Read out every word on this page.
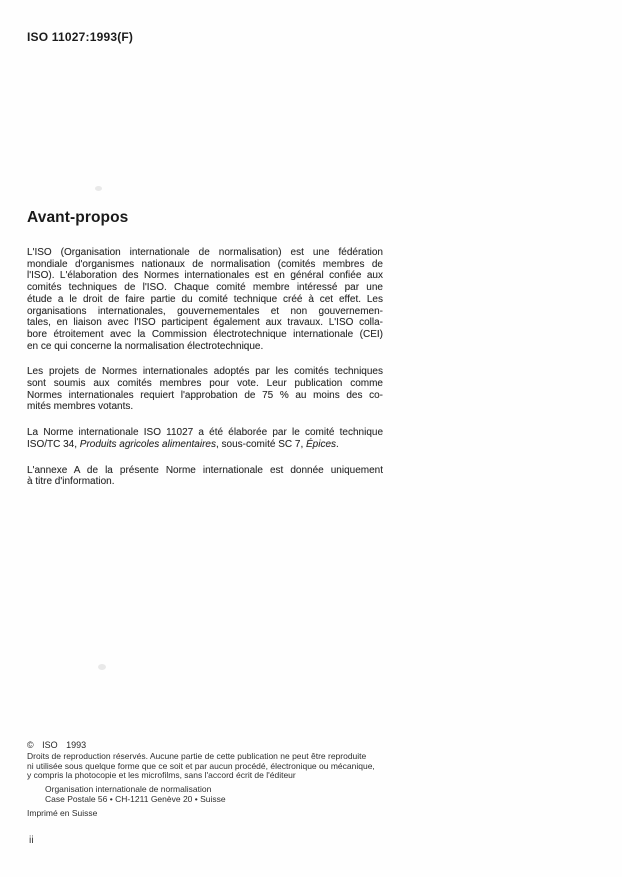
ISO 11027:1993(F)
Avant-propos
L'ISO (Organisation internationale de normalisation) est une fédération
mondiale d'organismes nationaux de normalisation (comités membres de
l'ISO). L'élaboration des Normes internationales est en général confiée aux
comités techniques de l'ISO. Chaque comité membre intéressé par une
étude a le droit de faire partie du comité technique créé à cet effet. Les
organisations internationales, gouvernementales et non gouvernemen-
tales, en liaison avec l'ISO participent également aux travaux. L'ISO colla-
bore étroitement avec la Commission électrotechnique internationale (CEI)
en ce qui concerne la normalisation électrotechnique.
Les projets de Normes internationales adoptés par les comités techniques
sont soumis aux comités membres pour vote. Leur publication comme
Normes internationales requiert l'approbation de 75 % au moins des co-
mités membres votants.
La Norme internationale ISO 11027 a été élaborée par le comité technique
ISO/TC 34, Produits agricoles alimentaires, sous-comité SC 7, Épices.
L'annexe A de la présente Norme internationale est donnée uniquement
à titre d'information.
© ISO 1993
Droits de reproduction réservés. Aucune partie de cette publication ne peut être reproduite
ni utilisée sous quelque forme que ce soit et par aucun procédé, électronique ou mécanique,
y compris la photocopie et les microfilms, sans l'accord écrit de l'éditeur
Organisation internationale de normalisation
Case Postale 56 • CH-1211 Genève 20 • Suisse
Imprimé en Suisse
ii
